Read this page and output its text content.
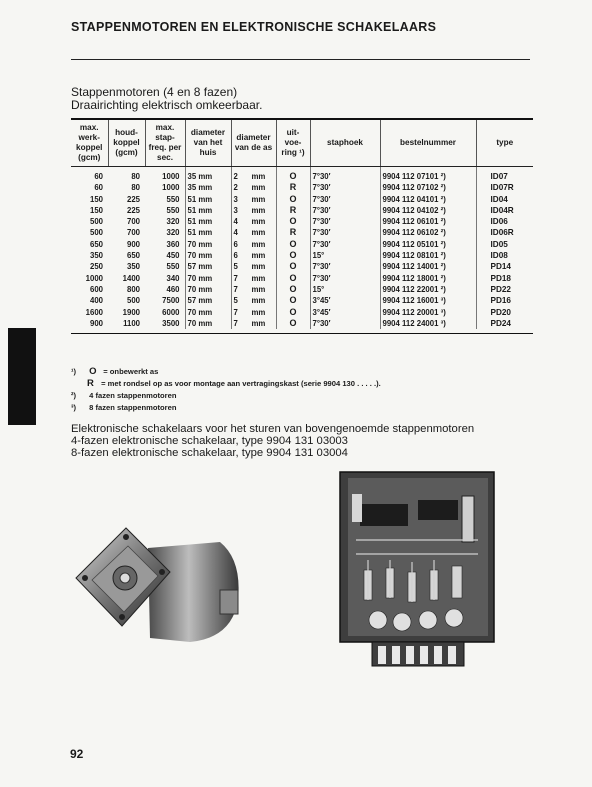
STAPPENMOTOREN EN ELEKTRONISCHE SCHAKELAARS
Stappenmotoren (4 en 8 fazen)
Draairichting elektrisch omkeerbaar.
max. werk- koppel (gcm)	houd- koppel (gcm)	max. stap- freq. per sec.	diameter van het huis	diameter van de as	uit- voe- ring ¹)	staphoek	bestelnummer	type
60	80	1000	35 mm	2 mm	O	7°30′	9904 112 07101 ²)	ID07
60	80	1000	35 mm	2 mm	R	7°30′	9904 112 07102 ²)	ID07R
150	225	550	51 mm	3 mm	O	7°30′	9904 112 04101 ²)	ID04
150	225	550	51 mm	3 mm	R	7°30′	9904 112 04102 ²)	ID04R
500	700	320	51 mm	4 mm	O	7°30′	9904 112 06101 ²)	ID06
500	700	320	51 mm	4 mm	R	7°30′	9904 112 06102 ²)	ID06R
650	900	360	70 mm	6 mm	O	7°30′	9904 112 05101 ²)	ID05
350	650	450	70 mm	6 mm	O	15°	9904 112 08101 ²)	ID08
250	350	550	57 mm	5 mm	O	7°30′	9904 112 14001 ²)	PD14
1000	1400	340	70 mm	7 mm	O	7°30′	9904 112 18001 ²)	PD18
600	800	460	70 mm	7 mm	O	15°	9904 112 22001 ²)	PD22
400	500	7500	57 mm	5 mm	O	3°45′	9904 112 16001 ³)	PD16
1600	1900	6000	70 mm	7 mm	O	3°45′	9904 112 20001 ³)	PD20
900	1100	3500	70 mm	7 mm	O	7°30′	9904 112 24001 ³)	PD24
¹) O = onbewerkt as
R = met rondsel op as voor montage aan vertragingskast (serie 9904 130 . . . . .).
²) 4 fazen stappenmotoren
³) 8 fazen stappenmotoren
Elektronische schakelaars voor het sturen van bovengenoemde stappenmotoren
4-fazen elektronische schakelaar, type 9904 131 03003
8-fazen elektronische schakelaar, type 9904 131 03004
92
